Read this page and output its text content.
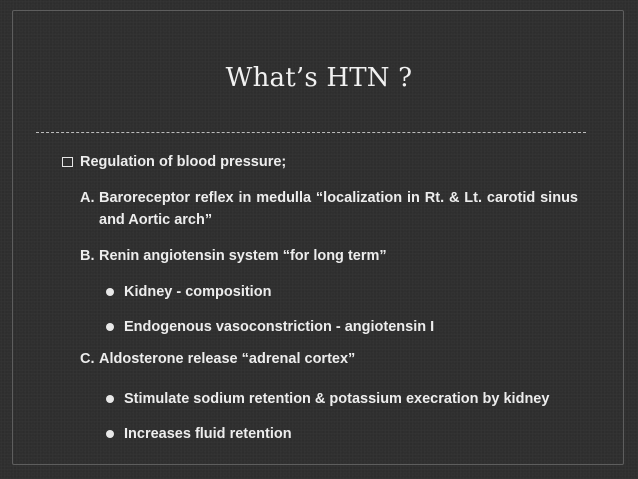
What’s HTN ?
Regulation of blood pressure;
A. Baroreceptor reflex in medulla “localization in Rt. & Lt. carotid sinus and Aortic arch”
B. Renin angiotensin system “for long term”
Kidney - composition
Endogenous vasoconstriction - angiotensin I
C. Aldosterone release “adrenal cortex”
Stimulate sodium retention & potassium execration by kidney
Increases fluid retention
